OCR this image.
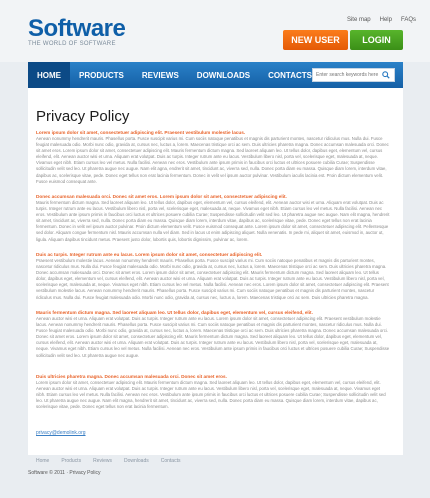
Software
THE WORLD OF SOFTWARE
Site map Help FAQs
NEW USER	LOGIN
HOME	PRODUCTS	REVIEWS	DOWNLOADS	CONTACTS
Enter search keywords here
Privacy Policy
Lorem ipsum dolor sit amet, consectetuer adipiscing elit. Praesent vestibulum molestie lacus.
Aenean nonummy hendrerit mauris. Phasellus porta. Fusce suscipit varius mi. Cum sociis natoque penatibus et magnis dis parturient montes, nascetur ridiculus mus. Nulla dui. Fusce feugiat malesuada odio. Morbi nunc odio, gravida at, cursus nec, luctus a, lorem. Maecenas tristique orci ac sem. Duis ultricies pharetra magna. Donec accumsan malesuada orci. Donec sit amet eros. Lorem ipsum dolor sit amet, consectetuer adipiscing elit. Mauris fermentum dictum magna. Sed laoreet aliquam leo. Ut tellus dolor, dapibus eget, elementum vel, cursus eleifend, elit. Aenean auctor wisi et urna. Aliquam erat volutpat. Duis ac turpis. Integer rutrum ante eu lacus. Vestibulum libero nisl, porta vel, scelerisque eget, malesuada at, neque. Vivamus eget nibh. Etiam cursus leo vel metus. Nulla facilisi. Aenean nec eros. Vestibulum ante ipsum primis in faucibus orci luctus et ultrices posuere cubilia Curae; Suspendisse sollicitudin velit sed leo. Ut pharetra augue nec augue. Nam elit agna, endrerit sit amet, tincidunt ac, viverra sed, nulla. Donec porta diam eu massa. Quisque diam lorem, interdum vitae, dapibus ac, scelerisque vitae, pede. Donec eget tellus non erat lacinia fermentum. Donec in velit vel ipsum auctor pulvinar. Vestibulum iaculis lacinia est. Proin dictum elementum velit. Fusce euismod consequat ante.
Donec accumsan malesuada orci. Donec sit amet eros. Lorem ipsum dolor sit amet, consectetuer adipiscing elit.
Mauris fermentum dictum magna. Sed laoreet aliquam leo. Ut tellus dolor, dapibus eget, elementum vel, cursus eleifend, elit. Aenean auctor wisi et urna. Aliquam erat volutpat. Duis ac turpis. Integer rutrum ante eu lacus. Vestibulum libero nisl, porta vel, scelerisque eget, malesuada at, neque. Vivamus eget nibh. Etiam cursus leo vel metus. Nulla facilisi. Aenean nec eros. Vestibulum ante ipsum primis in faucibus orci luctus et ultrices posuere cubilia Curae; Suspendisse sollicitudin velit sed leo. Ut pharetra augue nec augue. Nam elit magna, hendrerit sit amet, tincidunt ac, viverra sed, nulla. Donec porta diam eu massa. Quisque diam lorem, interdum vitae, dapibus ac, scelerisque vitae, pede. Donec eget tellus non erat lacinia fermentum. Donec in velit vel ipsum auctor pulvinar. Proin dictum elementum velit. Fusce euismod consequat ante. Lorem ipsum dolor sit amet, consectetuer adipiscing elit. Pellentesque sed dolor. Aliquam congue fermentum nisl. Mauris accumsan nulla vel diam. Sed in lacus ut enim adipiscing aliquet. Nulla venenatis. In pede mi, aliquet sit amet, euismod in, auctor ut, ligula. Aliquam dapibus tincidunt metus. Praesent justo dolor, lobortis quis, lobortis dignissim, pulvinar ac, lorem.
Duis ac turpis. Integer rutrum ante eu lacus. Lorem ipsum dolor sit amet, consectetuer adipiscing elit.
Praesent vestibulum molestie lacus. Aenean nonummy hendrerit mauris. Phasellus porta. Fusce suscipit varius mi. Cum sociis natoque penatibus et magnis dis parturient montes, nascetur ridiculus mus. Nulla dui. Fusce feugiat malesuada odio. Morbi nunc odio, gravida at, cursus nec, luctus a, lorem. Maecenas tristique orci ac sem. Duis ultricies pharetra magna. Donec accumsan malesuada orci. Donec sit amet eros. Lorem ipsum dolor sit amet, consectetuer adipiscing elit. Mauris fermentum dictum magna. Sed laoreet aliquam leo. Ut tellus dolor, dapibus eget, elementum vel, cursus eleifend, elit. Aenean auctor wisi et urna. Aliquam erat volutpat. Duis ac turpis. Integer rutrum ante eu lacus. Vestibulum libero nisl, porta vel, scelerisque eget, malesuada at, neque. Vivamus eget nibh. Etiam cursus leo vel metus. Nulla facilisi. Aenean nec eros. Lorem ipsum dolor sit amet, consectetuer adipiscing elit. Praesent vestibulum molestie lacus. Aenean nonummy hendrerit mauris. Phasellus porta. Fusce suscipit varius mi. Cum sociis natoque penatibus et magnis dis parturient montes, nascetur ridiculus mus. Nulla dui. Fusce feugiat malesuada odio. Morbi nunc odio, gravida at, cursus nec, luctus a, lorem. Maecenas tristique orci ac sem. Duis ultricies pharetra magna.
Mauris fermentum dictum magna. Sed laoreet aliquam leo. Ut tellus dolor, dapibus eget, elementum vel, cursus eleifend, elit.
Aenean auctor wisi et urna. Aliquam erat volutpat. Duis ac turpis. Integer rutrum ante eu lacus. Lorem ipsum dolor sit amet, consectetuer adipiscing elit. Praesent vestibulum molestie lacus. Aenean nonummy hendrerit mauris. Phasellus porta. Fusce suscipit varius mi. Cum sociis natoque penatibus et magnis dis parturient montes, nascetur ridiculus mus. Nulla dui. Fusce feugiat malesuada odio. Morbi nunc odio, gravida at, cursus nec, luctus a, lorem. Maecenas tristique orci ac sem. Duis ultricies pharetra magna. Donec accumsan malesuada orci. Donec sit amet eros. Lorem ipsum dolor sit amet, consectetuer adipiscing elit. Mauris fermentum dictum magna. Sed laoreet aliquam leo. Ut tellus dolor, dapibus eget, elementum vel, cursus eleifend, elit. Aenean auctor wisi et urna. Aliquam erat volutpat. Duis ac turpis. Integer rutrum ante eu lacus. Vestibulum libero nisl, porta vel, scelerisque eget, malesuada at, neque. Vivamus eget nibh. Etiam cursus leo vel metus. Nulla facilisi. Aenean nec eros. Vestibulum ante ipsum primis in faucibus orci luctus et ultrices posuere cubilia Curae; Suspendisse sollicitudin velit sed leo. Ut pharetra augue nec augue.
Duis ultricies pharetra magna. Donec accumsan malesuada orci. Donec sit amet eros.
Lorem ipsum dolor sit amet, consectetuer adipiscing elit. Mauris fermentum dictum magna. Sed laoreet aliquam leo. Ut tellus dolor, dapibus eget, elementum vel, cursus eleifend, elit. Aenean auctor wisi et urna. Aliquam erat volutpat. Duis ac turpis. Integer rutrum ante eu lacus. Vestibulum libero nisl, porta vel, scelerisque eget, malesuada at, neque. Vivamus eget nibh. Etiam cursus leo vel metus. Nulla facilisi. Aenean nec eros. Vestibulum ante ipsum primis in faucibus orci luctus et ultrices posuere cubilia Curae; Suspendisse sollicitudin velit sed leo. Ut pharetra augue nec augue. Nam elit magna, hendrerit sit amet, tincidunt ac, viverra sed, nulla. Donec porta diam eu massa. Quisque diam lorem, interdum vitae, dapibus ac, scelerisque vitae, pede. Donec eget tellus non erat lacinia fermentum.
privacy@demolink.org
Home Products Reviews Downloads Contacts
Software © 2011 · Privacy Policy
